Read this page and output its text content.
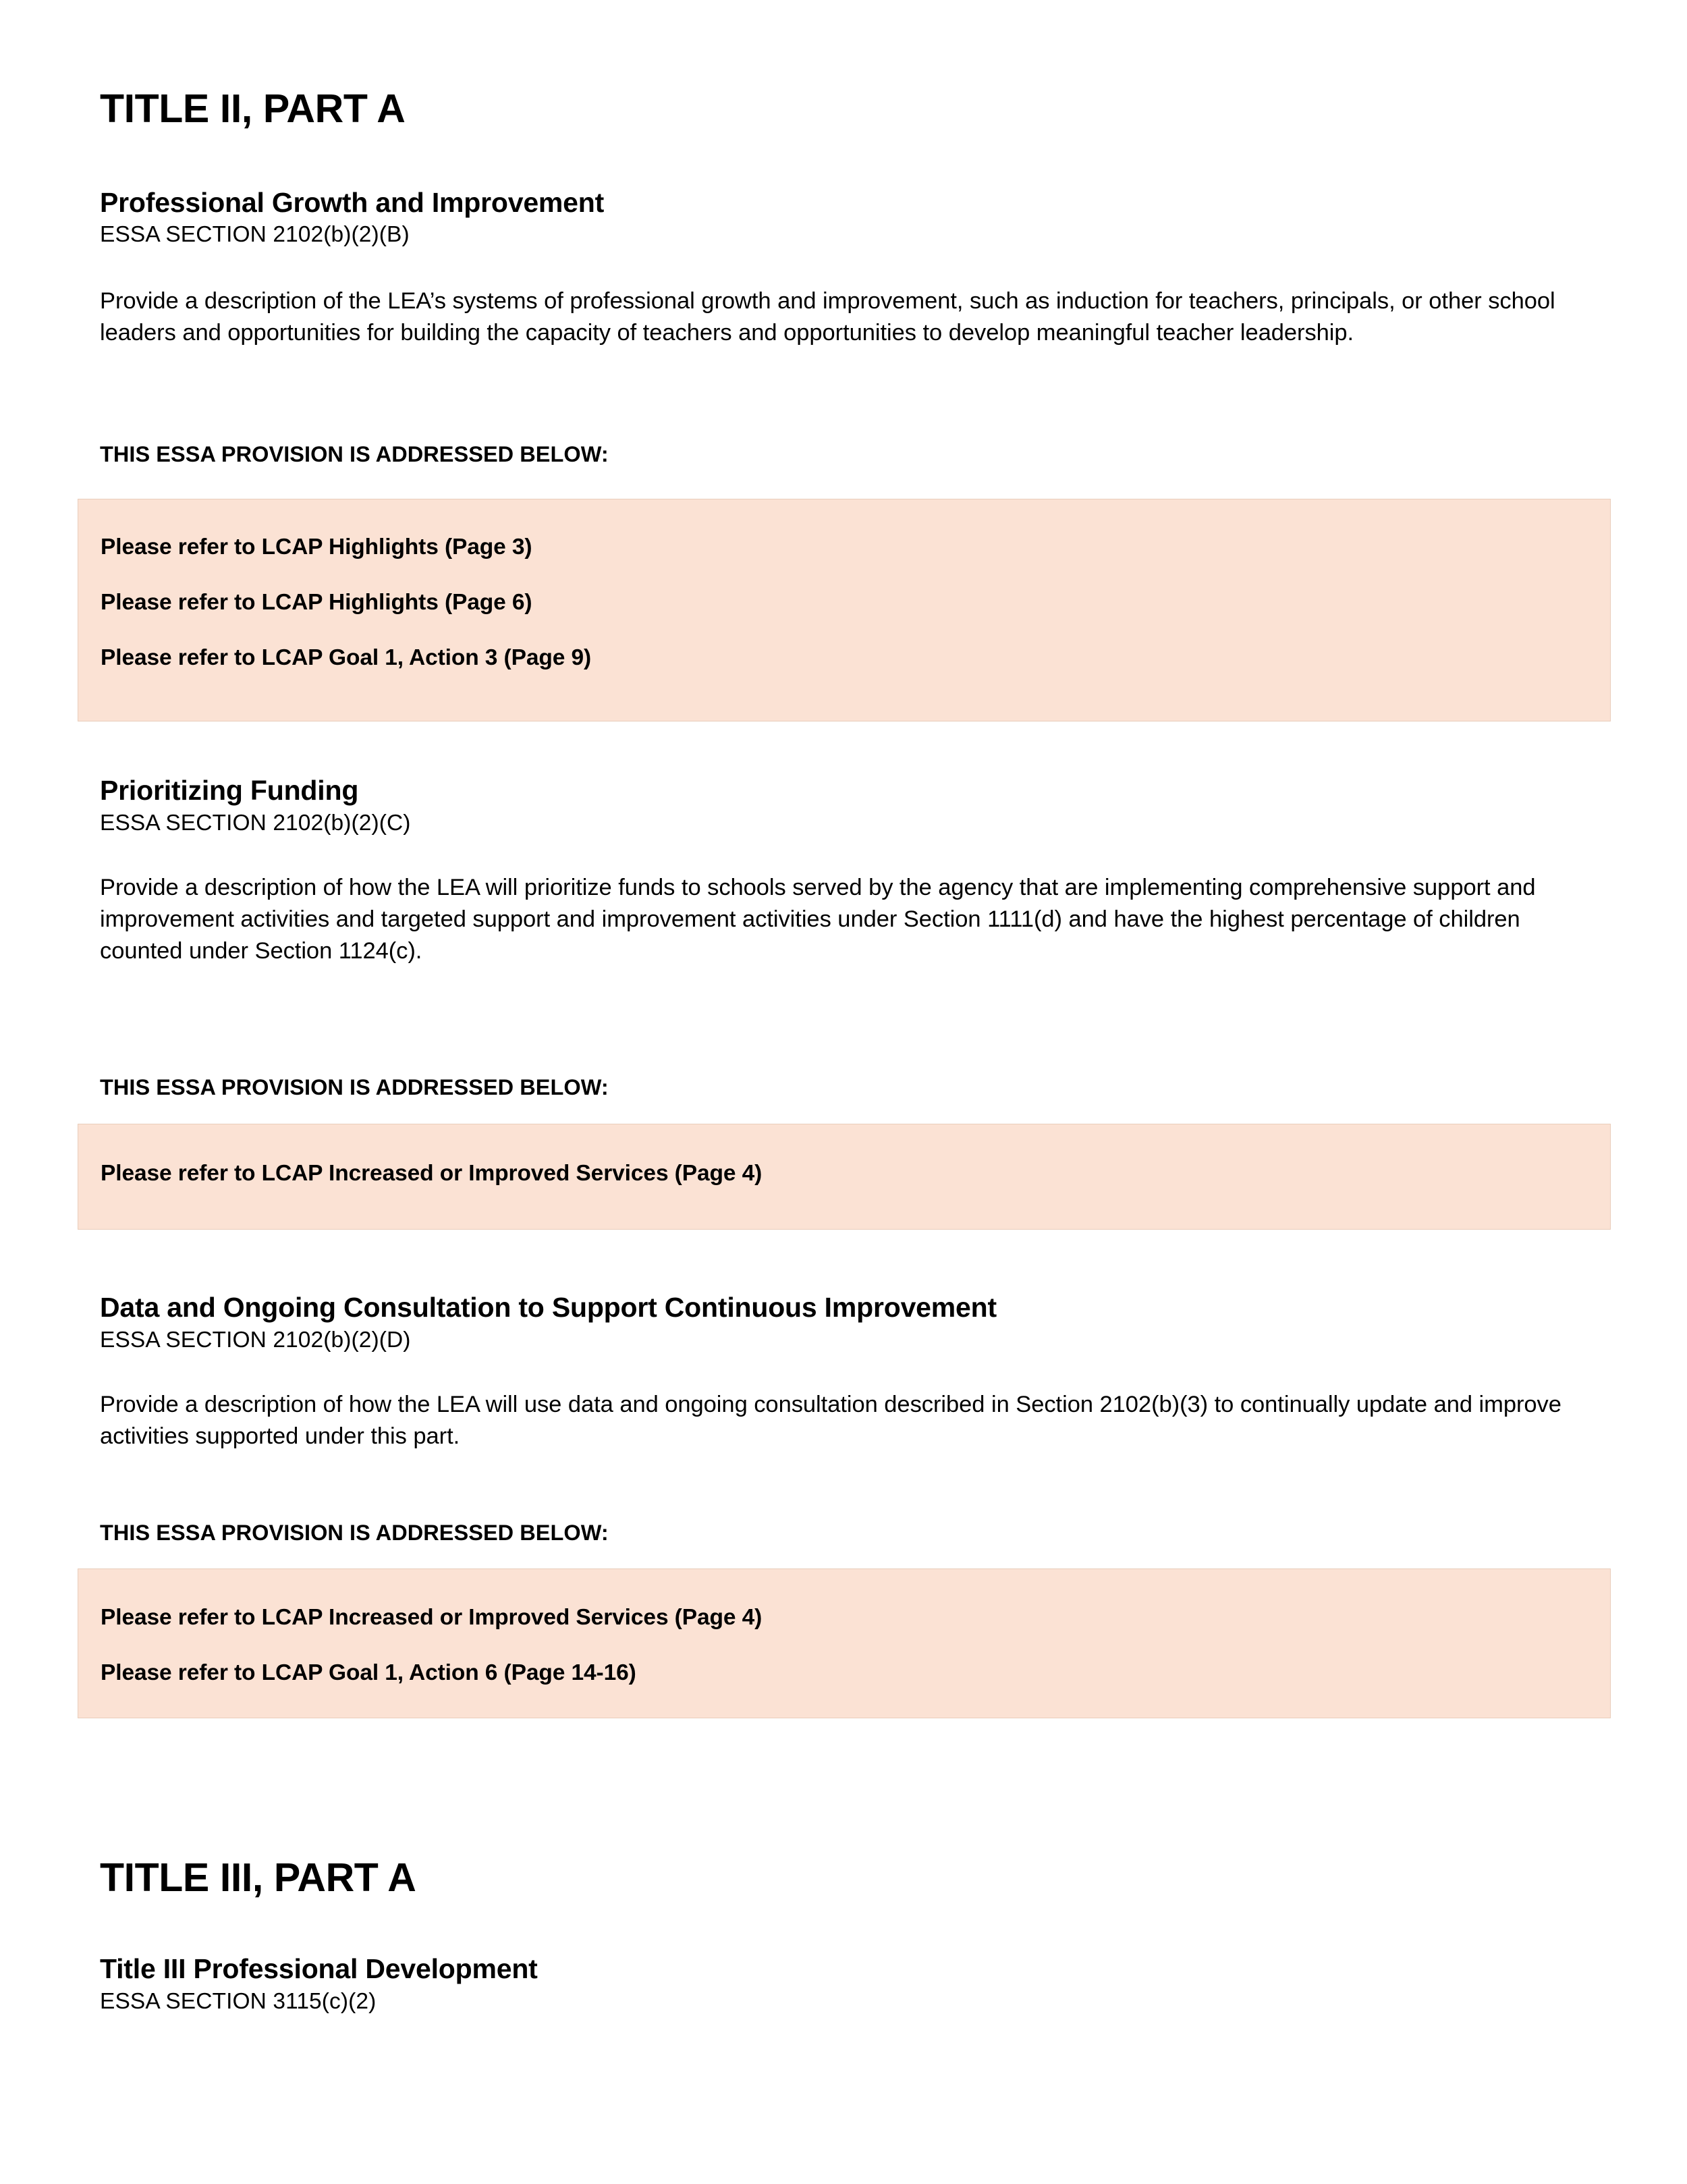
TITLE II, PART A
Professional Growth and Improvement
ESSA SECTION 2102(b)(2)(B)

Provide a description of the LEA’s systems of professional growth and improvement, such as induction for teachers, principals, or other school leaders and opportunities for building the capacity of teachers and opportunities to develop meaningful teacher leadership.

THIS ESSA PROVISION IS ADDRESSED BELOW:
Please refer to LCAP Highlights (Page 3)
Please refer to LCAP Highlights (Page 6)
Please refer to LCAP Goal 1, Action 3 (Page 9)
Prioritizing Funding
ESSA SECTION 2102(b)(2)(C)

Provide a description of how the LEA will prioritize funds to schools served by the agency that are implementing comprehensive support and improvement activities and targeted support and improvement activities under Section 1111(d) and have the highest percentage of children counted under Section 1124(c).

THIS ESSA PROVISION IS ADDRESSED BELOW:
Please refer to LCAP Increased or Improved Services (Page 4)
Data and Ongoing Consultation to Support Continuous Improvement
ESSA SECTION 2102(b)(2)(D)

Provide a description of how the LEA will use data and ongoing consultation described in Section 2102(b)(3) to continually update and improve activities supported under this part.

THIS ESSA PROVISION IS ADDRESSED BELOW:
Please refer to LCAP Increased or Improved Services (Page 4)
Please refer to LCAP Goal 1, Action 6 (Page 14-16)
TITLE III, PART A
Title III Professional Development
ESSA SECTION 3115(c)(2)
